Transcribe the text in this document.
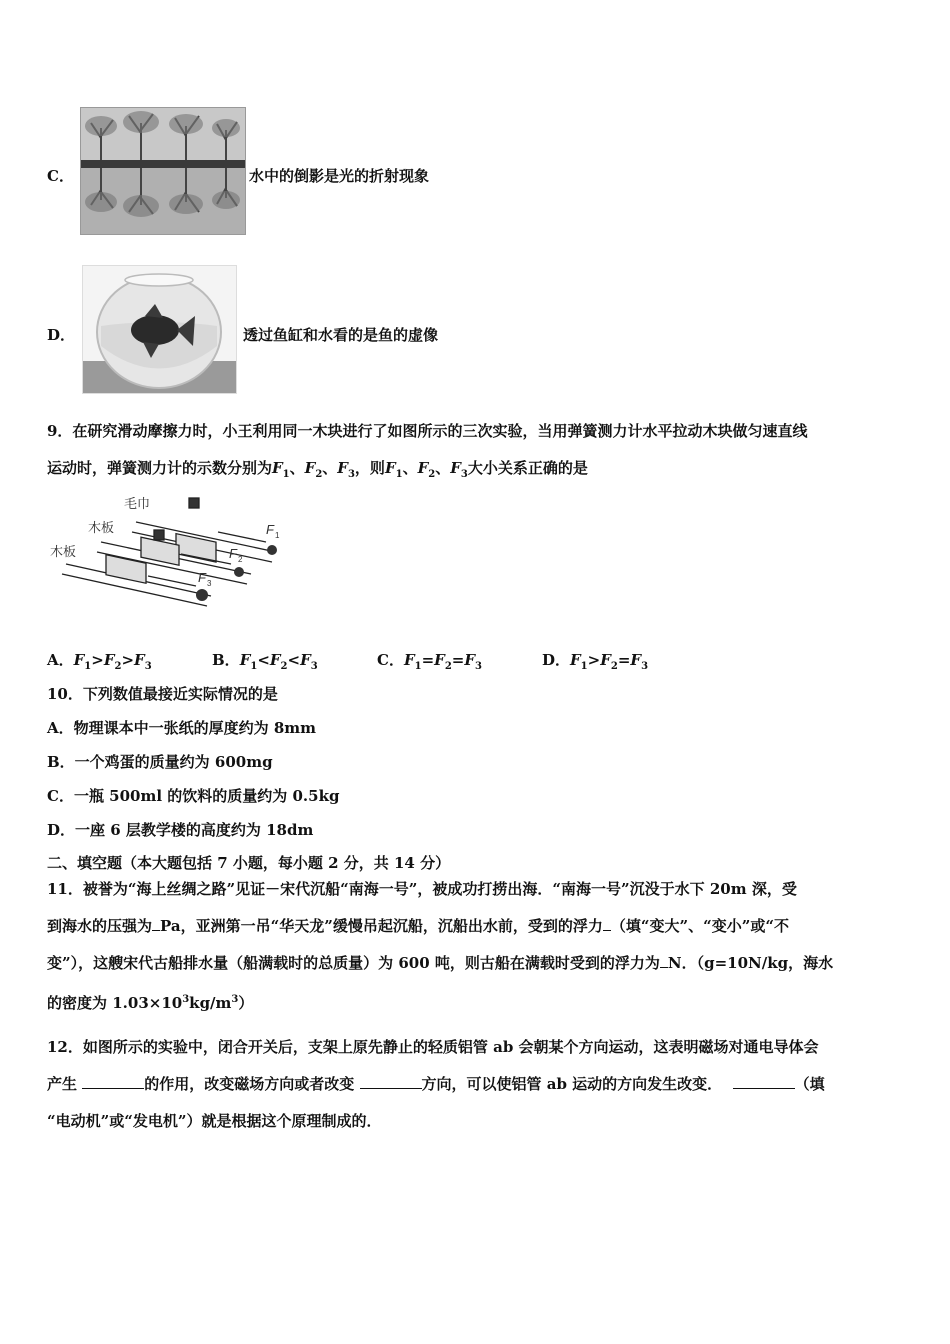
C．	水中的倒影是光的折射现象
D．	透过鱼缸和水看的是鱼的虚像
9．在研究滑动摩擦力时，小王利用同一木块进行了如图所示的三次实验，当用弹簧测力计水平拉动木块做匀速直线
运动时，弹簧测力计的示数分别为$F_1$、$F_2$、$F_3$，则$F_1$、$F_2$、$F_3$大小关系正确的是
毛巾
木板
木板
F 1
F 2
F 3
A．$F_1>F_2>F_3$	B．$F_1<F_2<F_3$	C．$F_1=F_2=F_3$	D．$F_1>F_2=F_3$
10．下列数值最接近实际情况的是
A．物理课本中一张纸的厚度约为 8mm
B．一个鸡蛋的质量约为 600mg
C．一瓶 500ml 的饮料的质量约为 0.5kg
D．一座 6 层教学楼的高度约为 18dm
二、填空题（本大题包括 7 小题，每小题 2 分，共 14 分）
11．被誉为“海上丝绸之路”见证－宋代沉船“南海一号”，被成功打捞出海．“南海一号”沉没于水下 20m 深，受
到海水的压强为 Pa，亚洲第一吊“华天龙”缓慢吊起沉船，沉船出水前，受到的浮力 （填“变大”、“变小”或“不
变”），这艘宋代古船排水量（船满载时的总质量）为 600 吨，则古船在满载时受到的浮力为 N．（g=10N/kg，海水
的密度为 $1.03\times 10^3kg/m^3$）
12．如图所示的实验中，闭合开关后，支架上原先静止的轻质铝管 ab 会朝某个方向运动，这表明磁场对通电导体会
产生	的作用，改变磁场方向或者改变	方向，可以使铝管 ab 运动的方向发生改变．	（填
“电动机”或“发电机”）就是根据这个原理制成的．
